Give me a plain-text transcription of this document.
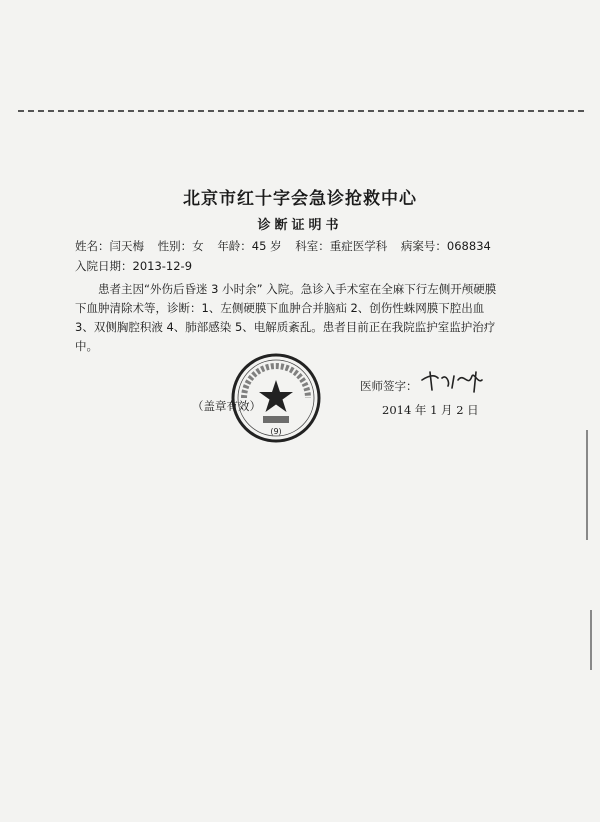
北京市红十字会急诊抢救中心
诊断证明书
姓名：闫天梅 性别：女 年龄：45 岁 科室：重症医学科 病案号：068834
入院日期：2013-12-9

患者主因“外伤后昏迷 3 小时余” 入院。急诊入手术室在全麻下行左侧开颅硬膜下血肿清除术等，诊断：1、左侧硬膜下血肿合并脑疝 2、创伤性蛛网膜下腔出血 3、双侧胸腔积液 4、肺部感染 5、电解质紊乱。患者目前正在我院监护室监护治疗中。

（盖章有效）
(9)
医师签字：
2014 年 1 月 2 日
